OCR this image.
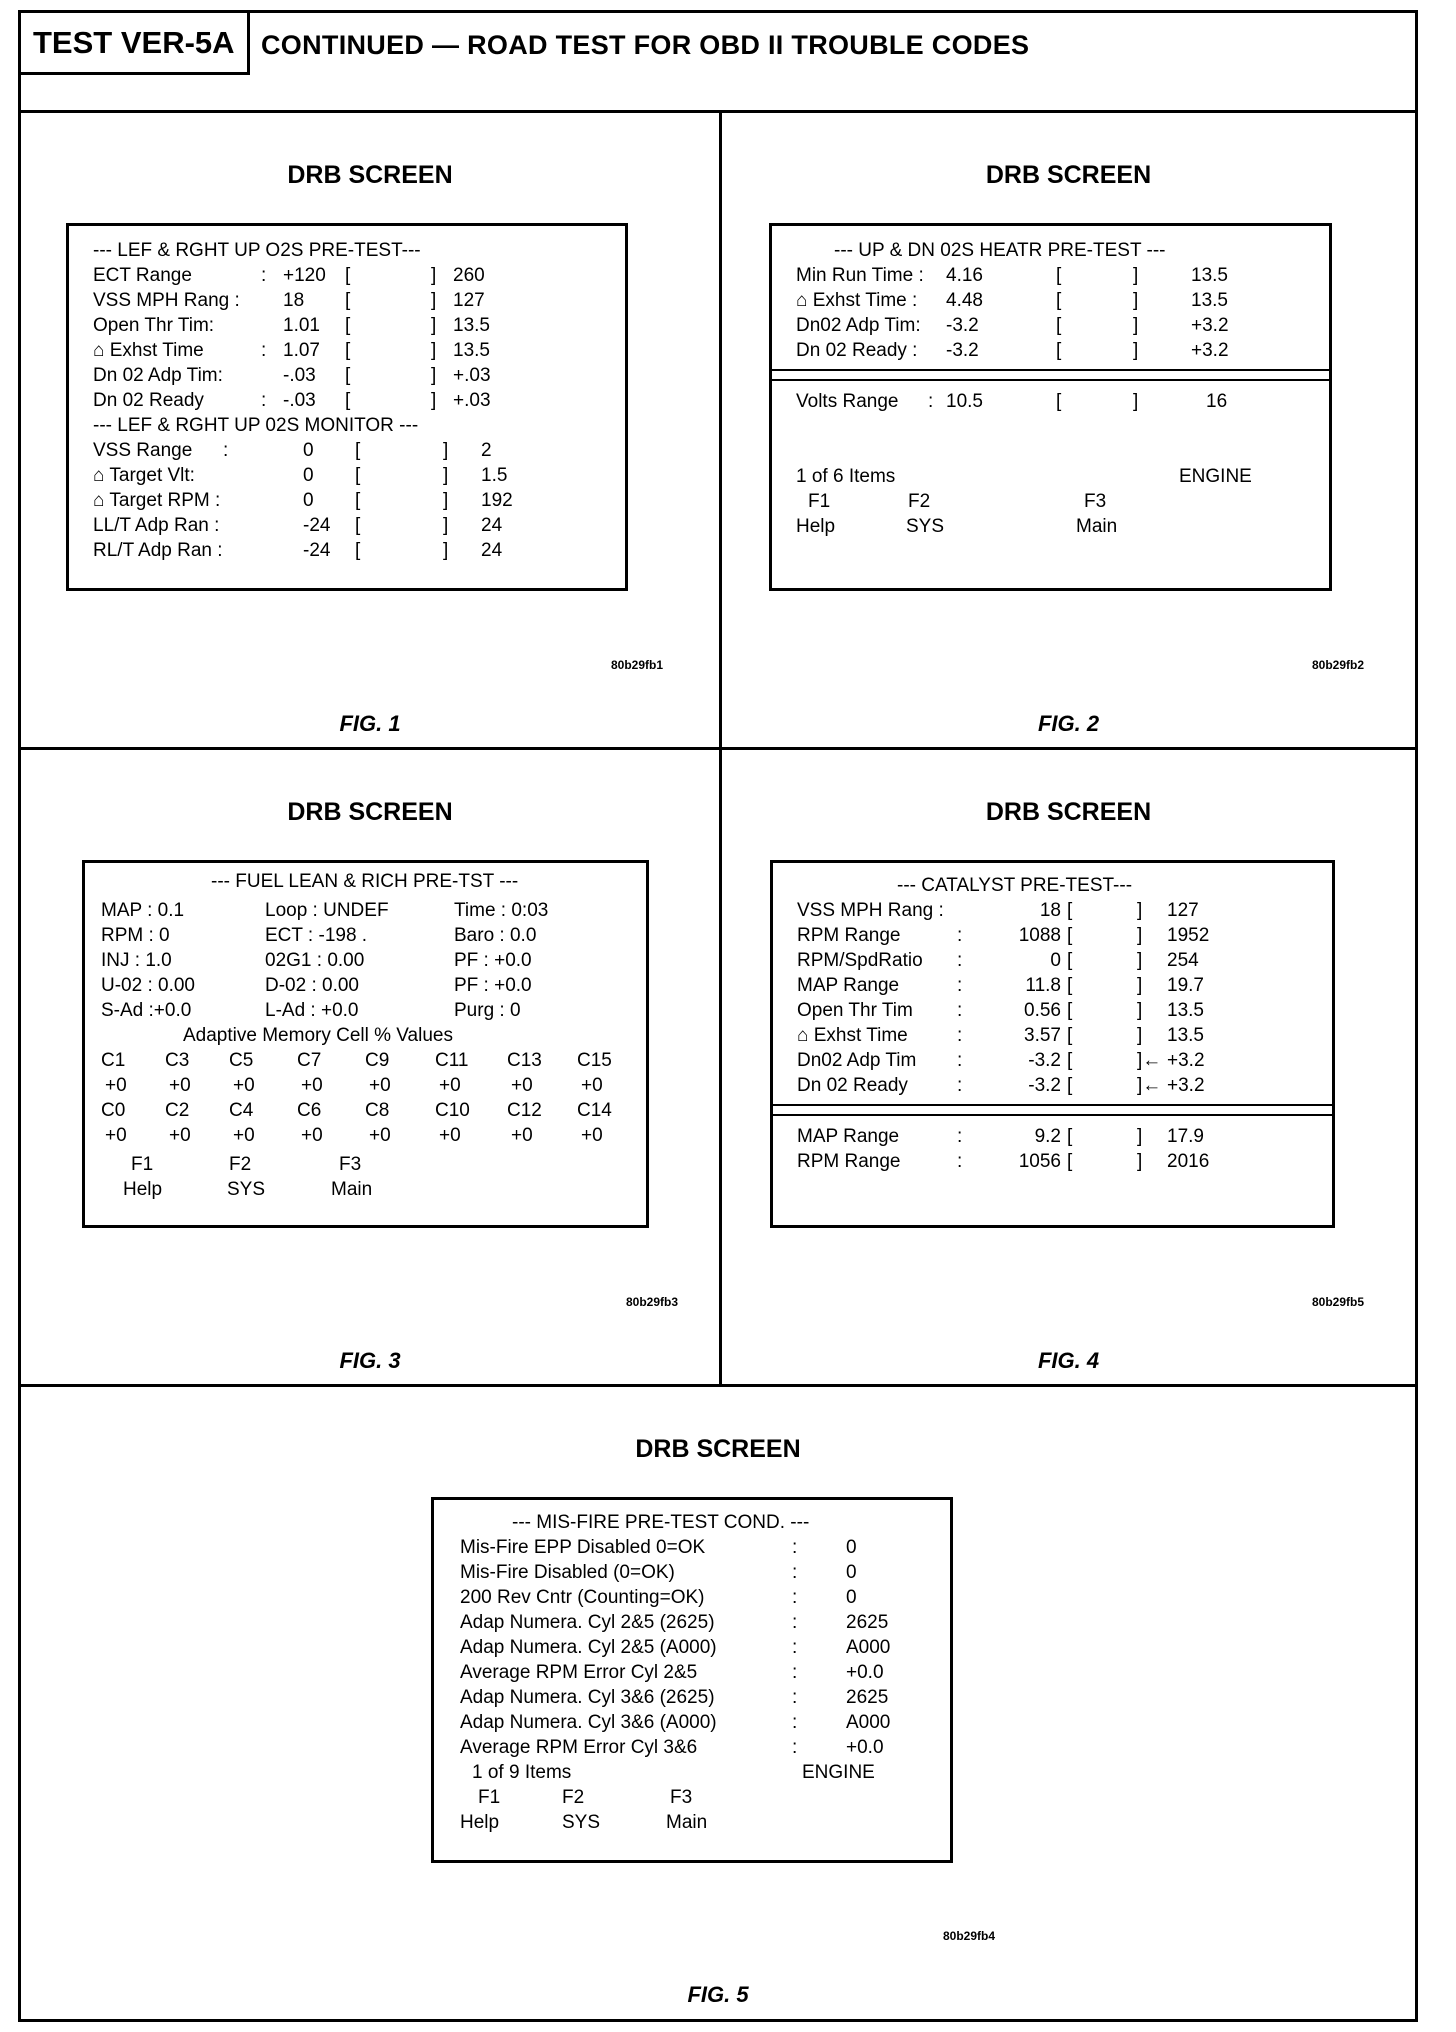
TEST VER-5A CONTINUED — ROAD TEST FOR OBD II TROUBLE CODES
DRB SCREEN
--- LEF & RGHT UP O2S PRE-TEST---
ECT Range	: +120 [	] 260
VSS MPH Rang : 18 [	] 127
Open Thr Tim:	1.01 [	] 13.5
⌂ Exhst Time	: 1.07 [	] 13.5
Dn 02 Adp Tim:	-.03 [	] +.03
Dn 02 Ready	: -.03 [	] +.03
--- LEF & RGHT UP 02S MONITOR ---
VSS Range :	0 [	] 2
⌂ Target Vlt:	0 [	] 1.5
⌂ Target RPM :	0 [	] 192
LL/T Adp Ran :	-24 [	] 24
RL/T Adp Ran :	-24 [	] 24
80b29fb1
FIG. 1
DRB SCREEN
--- UP & DN 02S HEATR PRE-TEST ---
Min Run Time : 4.16	[	]	13.5
⌂ Exhst Time : 4.48	[	]	13.5
Dn02 Adp Tim: -3.2	[	]	+3.2
Dn 02 Ready : -3.2	[	]	+3.2
Volts Range : 10.5	[	]	16
1 of 6 Items	ENGINE
F1	F2	F3
Help	SYS	Main
80b29fb2
FIG. 2
DRB SCREEN
--- FUEL LEAN & RICH PRE-TST ---
MAP : 0.1	Loop : UNDEF	Time : 0:03
RPM : 0	ECT : -198 .	Baro : 0.0
INJ : 1.0	02G1 : 0.00	PF : +0.0
U-02 : 0.00	D-02 : 0.00	PF : +0.0
S-Ad :+0.0	L-Ad : +0.0	Purg : 0
Adaptive Memory Cell % Values
C1 C3 C5 C7 C9 C11 C13 C15
+0 +0 +0 +0 +0	+0	+0	+0
C0 C2 C4 C6 C8 C10 C12 C14
+0 +0 +0 +0 +0	+0	+0	+0
F1	F2	F3
Help	SYS	Main
80b29fb3
FIG. 3
DRB SCREEN
--- CATALYST PRE-TEST---
VSS MPH Rang :	18 [	] 127
RPM Range	:	1088 [	] 1952
RPM/SpdRatio :	0 [	] 254
MAP Range	:	11.8 [	] 19.7
Open Thr Tim :	0.56 [	] 13.5
⌂ Exhst Time	:	3.57 [	] 13.5
Dn02 Adp Tim :	-3.2 [	]← +3.2
Dn 02 Ready	:	-3.2 [	]← +3.2
MAP Range	:	9.2 [	] 17.9
RPM Range	:	1056 [	] 2016
80b29fb5
FIG. 4
DRB SCREEN
--- MIS-FIRE PRE-TEST COND. ---
Mis-Fire EPP Disabled 0=OK	:	0
Mis-Fire Disabled (0=OK)	:	0
200 Rev Cntr (Counting=OK)	:	0
Adap Numera. Cyl 2&5 (2625)	:	2625
Adap Numera. Cyl 2&5 (A000)	:	A000
Average RPM Error Cyl 2&5	:	+0.0
Adap Numera. Cyl 3&6 (2625)	:	2625
Adap Numera. Cyl 3&6 (A000)	:	A000
Average RPM Error Cyl 3&6	:	+0.0
1 of 9 Items	ENGINE
F1	F2	F3
Help	SYS	Main
80b29fb4
FIG. 5
